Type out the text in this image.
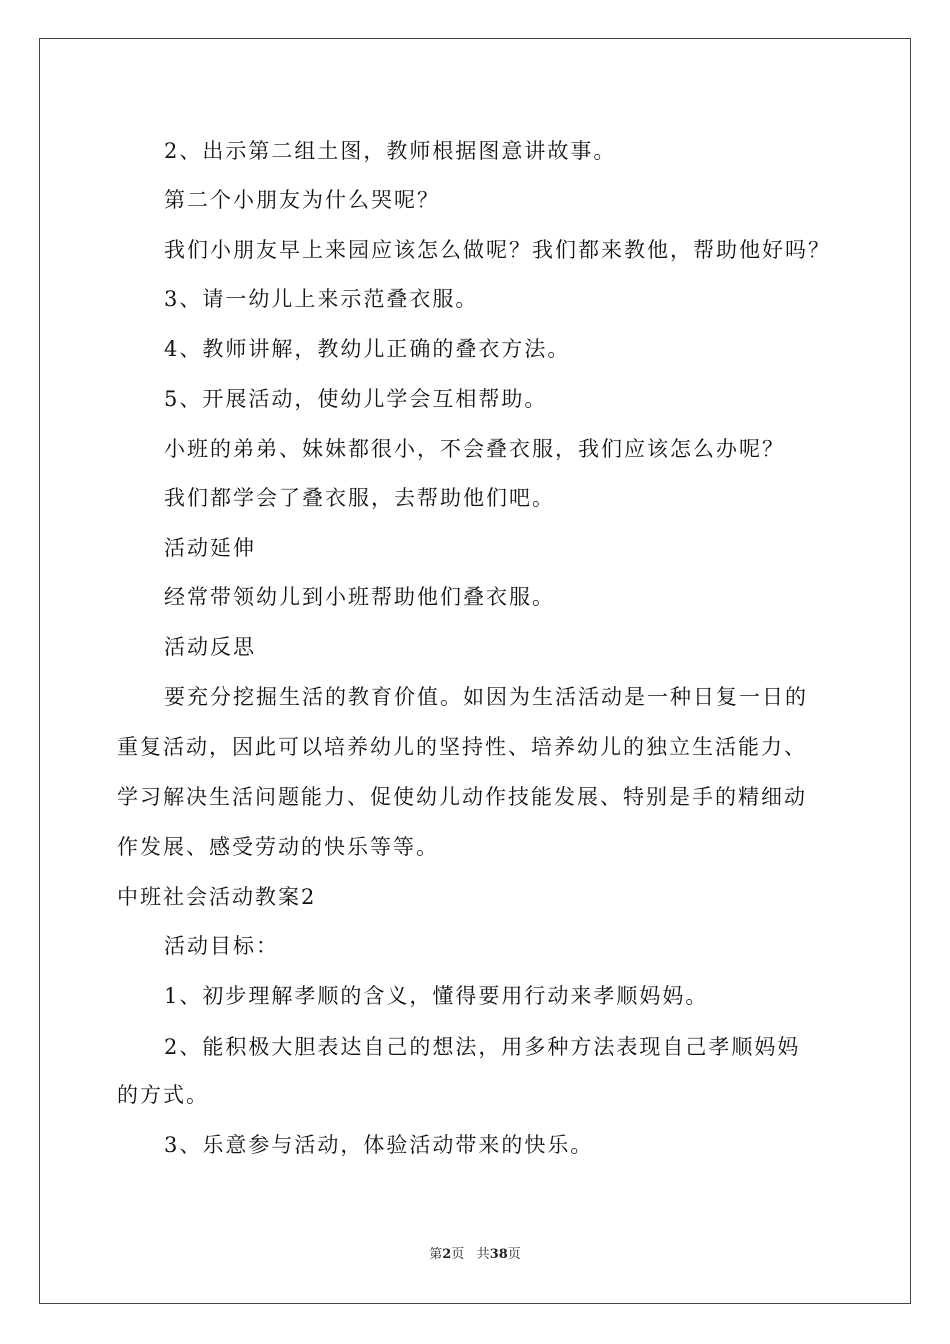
2、出示第二组土图，教师根据图意讲故事。
第二个小朋友为什么哭呢？
我们小朋友早上来园应该怎么做呢？我们都来教他，帮助他好吗？
3、请一幼儿上来示范叠衣服。
4、教师讲解，教幼儿正确的叠衣方法。
5、开展活动，使幼儿学会互相帮助。
小班的弟弟、妹妹都很小，不会叠衣服，我们应该怎么办呢？
我们都学会了叠衣服，去帮助他们吧。
活动延伸
经常带领幼儿到小班帮助他们叠衣服。
活动反思
要充分挖掘生活的教育价值。如因为生活活动是一种日复一日的
重复活动，因此可以培养幼儿的坚持性、培养幼儿的独立生活能力、
学习解决生活问题能力、促使幼儿动作技能发展、特别是手的精细动
作发展、感受劳动的快乐等等。
中班社会活动教案2
活动目标：
1、初步理解孝顺的含义，懂得要用行动来孝顺妈妈。
2、能积极大胆表达自己的想法，用多种方法表现自己孝顺妈妈
的方式。
3、乐意参与活动，体验活动带来的快乐。
第2页 共38页
